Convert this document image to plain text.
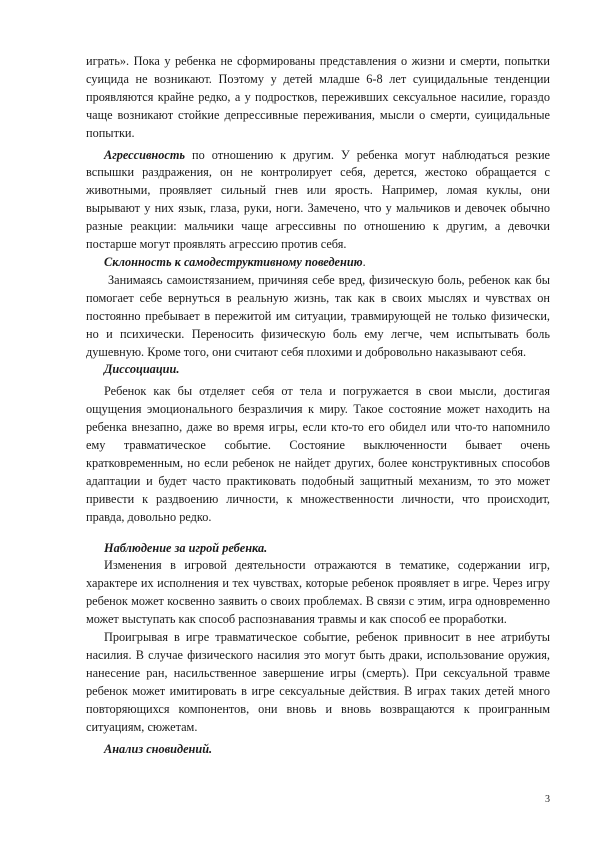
играть». Пока у ребенка не сформированы представления о жизни и смерти, попытки суицида не возникают. Поэтому у детей младше 6-8 лет суицидальные тенденции проявляются крайне редко, а у подростков, переживших сексуальное насилие, гораздо чаще возникают стойкие депрессивные переживания, мысли о смерти, суицидальные попытки.

Агрессивность по отношению к другим. У ребенка могут наблюдаться резкие вспышки раздражения, он не контролирует себя, дерется, жестоко обращается с животными, проявляет сильный гнев или ярость. Например, ломая куклы, они вырывают у них язык, глаза, руки, ноги. Замечено, что у мальчиков и девочек обычно разные реакции: мальчики чаще агрессивны по отношению к другим, а девочки постарше могут проявлять агрессию против себя.

Склонность к самодеструктивному поведению.

Занимаясь самоистязанием, причиняя себе вред, физическую боль, ребенок как бы помогает себе вернуться в реальную жизнь, так как в своих мыслях и чувствах он постоянно пребывает в пережитой им ситуации, травмирующей не только физически, но и психически. Переносить физическую боль ему легче, чем испытывать боль душевную. Кроме того, они считают себя плохими и добровольно наказывают себя.

Диссоциации.

Ребенок как бы отделяет себя от тела и погружается в свои мысли, достигая ощущения эмоционального безразличия к миру. Такое состояние может находить на ребенка внезапно, даже во время игры, если кто-то его обидел или что-то напомнило ему травматическое событие. Состояние выключенности бывает очень кратковременным, но если ребенок не найдет других, более конструктивных способов адаптации и будет часто практиковать подобный защитный механизм, то это может привести к раздвоению личности, к множественности личности, что происходит, правда, довольно редко.

Наблюдение за игрой ребенка.

Изменения в игровой деятельности отражаются в тематике, содержании игр, характере их исполнения и тех чувствах, которые ребенок проявляет в игре. Через игру ребенок может косвенно заявить о своих проблемах. В связи с этим, игра одновременно может выступать как способ распознавания травмы и как способ ее проработки.

Проигрывая в игре травматическое событие, ребенок привносит в нее атрибуты насилия. В случае физического насилия это могут быть драки, использование оружия, нанесение ран, насильственное завершение игры (смерть). При сексуальной травме ребенок может имитировать в игре сексуальные действия. В играх таких детей много повторяющихся компонентов, они вновь и вновь возвращаются к проигранным ситуациям, сюжетам.

Анализ сновидений.

3
